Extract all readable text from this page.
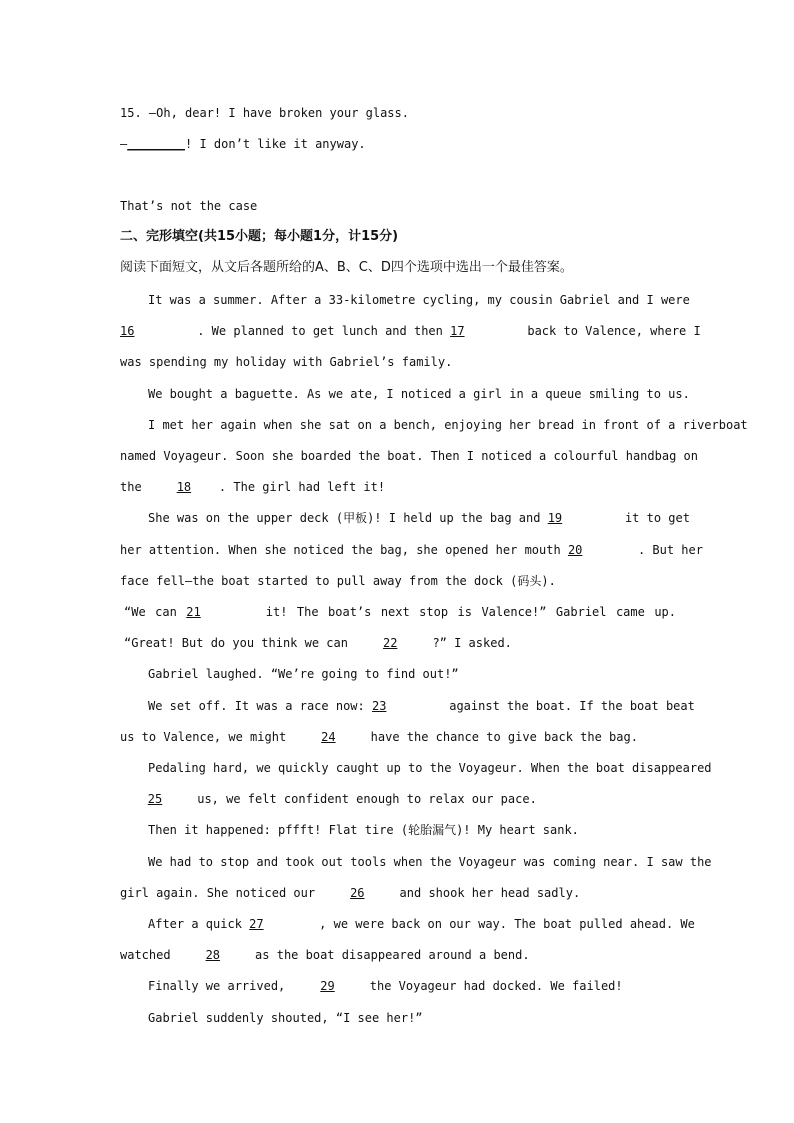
15. —Oh, dear! I have broken your glass.
—________! I don’t like it anyway.
That’s not the case
二、完形填空(共15小题；每小题1分，计15分)
阅读下面短文，从文后各题所给的A、B、C、D四个选项中选出一个最佳答案。
It was a summer. After a 33-kilometre cycling, my cousin Gabriel and I were
16	. We planned to get lunch and then 17	back to Valence, where I
was spending my holiday with Gabriel’s family.
We bought a baguette. As we ate, I noticed a girl in a queue smiling to us.
I met her again when she sat on a bench, enjoying her bread in front of a riverboat
named Voyageur. Soon she boarded the boat. Then I noticed a colourful handbag on
the	18 . The girl had left it!
She was on the upper deck (甲板)! I held up the bag and 19	it to get
her attention. When she noticed the bag, she opened her mouth 20	. But her
face fell—the boat started to pull away from the dock (码头).
“We can 21	it! The boat’s next stop is Valence!” Gabriel came up.
“Great! But do you think we can	22	?” I asked.
Gabriel laughed. “We’re going to find out!”
We set off. It was a race now: 23	against the boat. If the boat beat
us to Valence, we might	24	have the chance to give back the bag.
Pedaling hard, we quickly caught up to the Voyageur. When the boat disappeared
25	us, we felt confident enough to relax our pace.
Then it happened: pffft! Flat tire (轮胎漏气)! My heart sank.
We had to stop and took out tools when the Voyageur was coming near. I saw the
girl again. She noticed our	26	and shook her head sadly.
After a quick 27	, we were back on our way. The boat pulled ahead. We
watched	28	as the boat disappeared around a bend.
Finally we arrived,	29	the Voyageur had docked. We failed!
Gabriel suddenly shouted, “I see her!”
